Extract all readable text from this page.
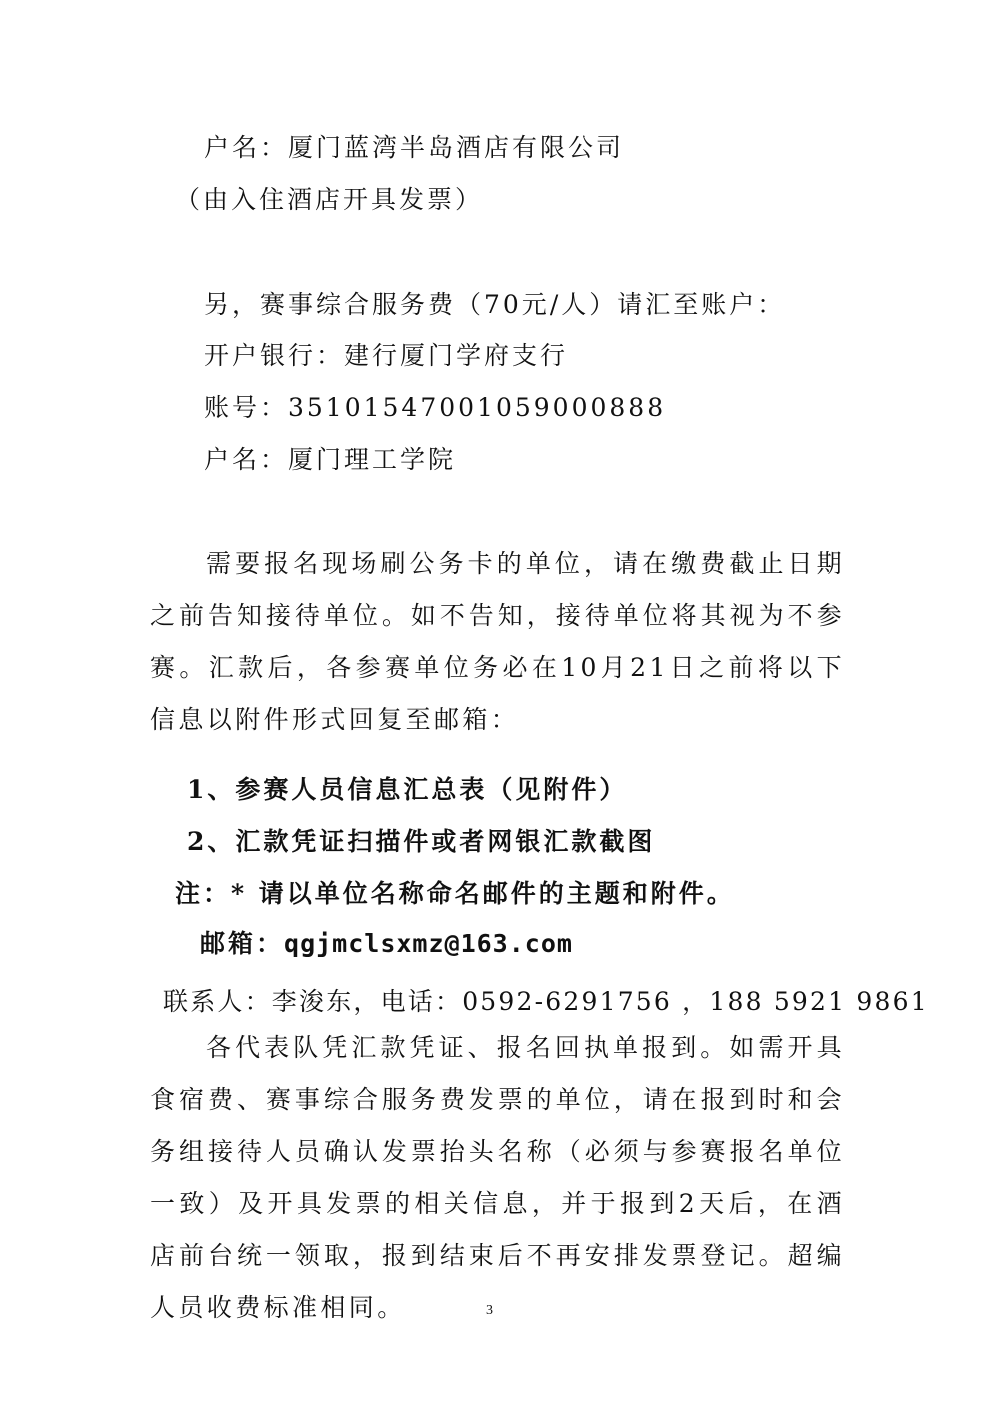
户名：厦门蓝湾半岛酒店有限公司
（由入住酒店开具发票）
另，赛事综合服务费（70元/人）请汇至账户：
开户银行：建行厦门学府支行
账号：35101547001059000888
户名：厦门理工学院

需要报名现场刷公务卡的单位，请在缴费截止日期之前告知接待单位。如不告知，接待单位将其视为不参赛。汇款后，各参赛单位务必在10月21日之前将以下信息以附件形式回复至邮箱：

1、参赛人员信息汇总表（见附件）
2、汇款凭证扫描件或者网银汇款截图
注：* 请以单位名称命名邮件的主题和附件。
邮箱：qgjmclsxmz@163.com
联系人：李浚东，电话：0592-6291756 ，188 5921 9861

各代表队凭汇款凭证、报名回执单报到。如需开具食宿费、赛事综合服务费发票的单位，请在报到时和会务组接待人员确认发票抬头名称（必须与参赛报名单位一致）及开具发票的相关信息，并于报到2天后，在酒店前台统一领取，报到结束后不再安排发票登记。超编人员收费标准相同。	3
